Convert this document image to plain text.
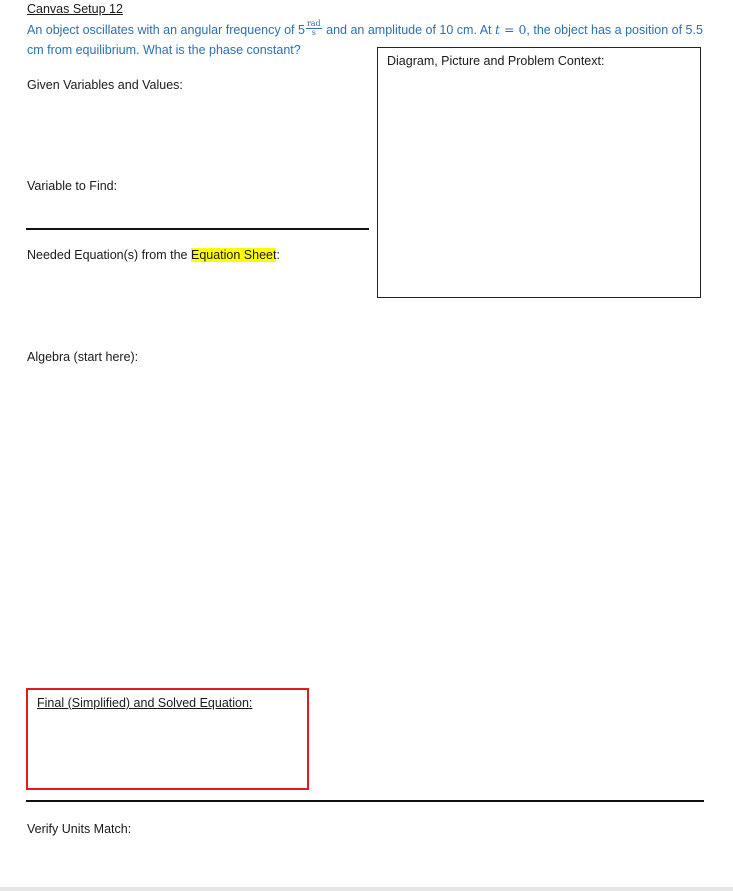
Canvas Setup 12
An object oscillates with an angular frequency of $5 \frac{\text{rad}}{s}$ and an amplitude of 10 cm. At t = 0, the object has a position of 5.5 cm from equilibrium. What is the phase constant?
Diagram, Picture and Problem Context:
Given Variables and Values:
Variable to Find:
Needed Equation(s) from the Equation Sheet:
Algebra (start here):
Final (Simplified) and Solved Equation:
Verify Units Match:
